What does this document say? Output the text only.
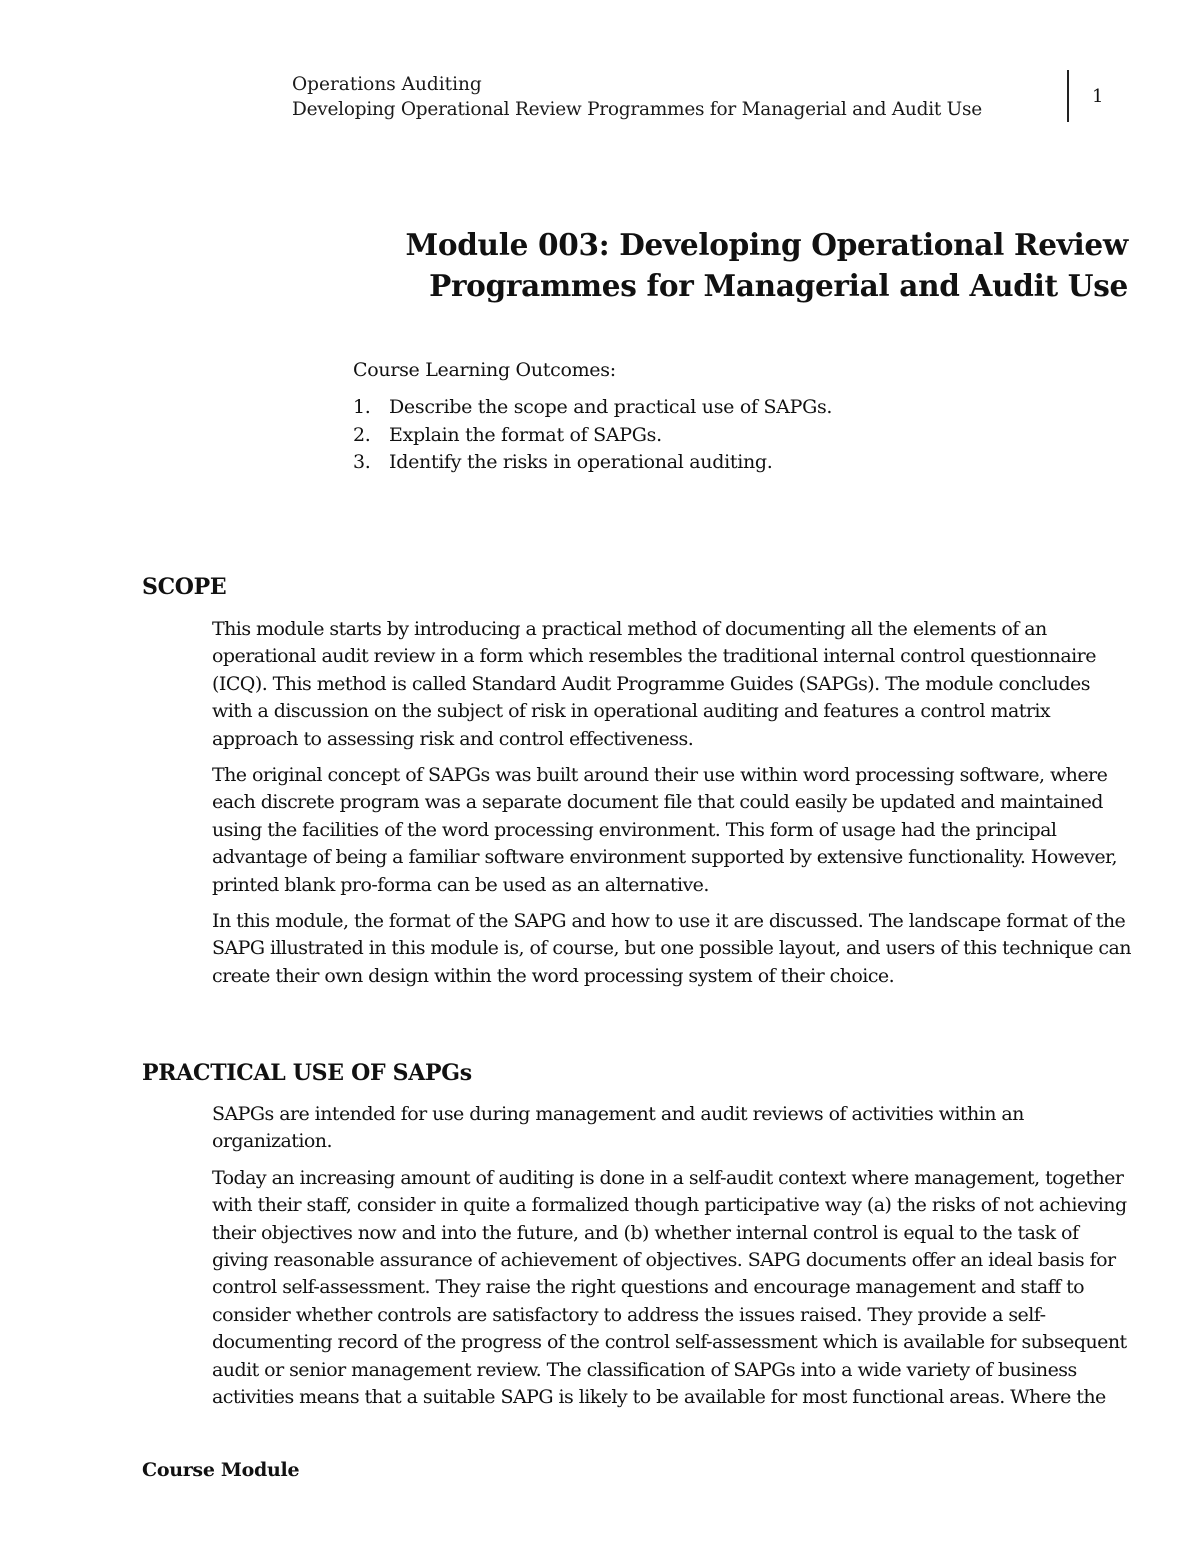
Operations Auditing
Developing Operational Review Programmes for Managerial and Audit Use
1
Module 003: Developing Operational Review
Programmes for Managerial and Audit Use

Course Learning Outcomes:

1. Describe the scope and practical use of SAPGs.
2. Explain the format of SAPGs.
3. Identify the risks in operational auditing.
SCOPE

This module starts by introducing a practical method of documenting all the elements of an operational audit review in a form which resembles the traditional internal control questionnaire (ICQ). This method is called Standard Audit Programme Guides (SAPGs). The module concludes with a discussion on the subject of risk in operational auditing and features a control matrix approach to assessing risk and control effectiveness.

The original concept of SAPGs was built around their use within word processing software, where each discrete program was a separate document file that could easily be updated and maintained using the facilities of the word processing environment. This form of usage had the principal advantage of being a familiar software environment supported by extensive functionality. However, printed blank pro-forma can be used as an alternative.

In this module, the format of the SAPG and how to use it are discussed. The landscape format of the SAPG illustrated in this module is, of course, but one possible layout, and users of this technique can create their own design within the word processing system of their choice.

PRACTICAL USE OF SAPGs

SAPGs are intended for use during management and audit reviews of activities within an organization.

Today an increasing amount of auditing is done in a self-audit context where management, together with their staff, consider in quite a formalized though participative way (a) the risks of not achieving their objectives now and into the future, and (b) whether internal control is equal to the task of giving reasonable assurance of achievement of objectives. SAPG documents offer an ideal basis for control self-assessment. They raise the right questions and encourage management and staff to consider whether controls are satisfactory to address the issues raised. They provide a self-documenting record of the progress of the control self-assessment which is available for subsequent audit or senior management review. The classification of SAPGs into a wide variety of business activities means that a suitable SAPG is likely to be available for most functional areas. Where the

Course Module
